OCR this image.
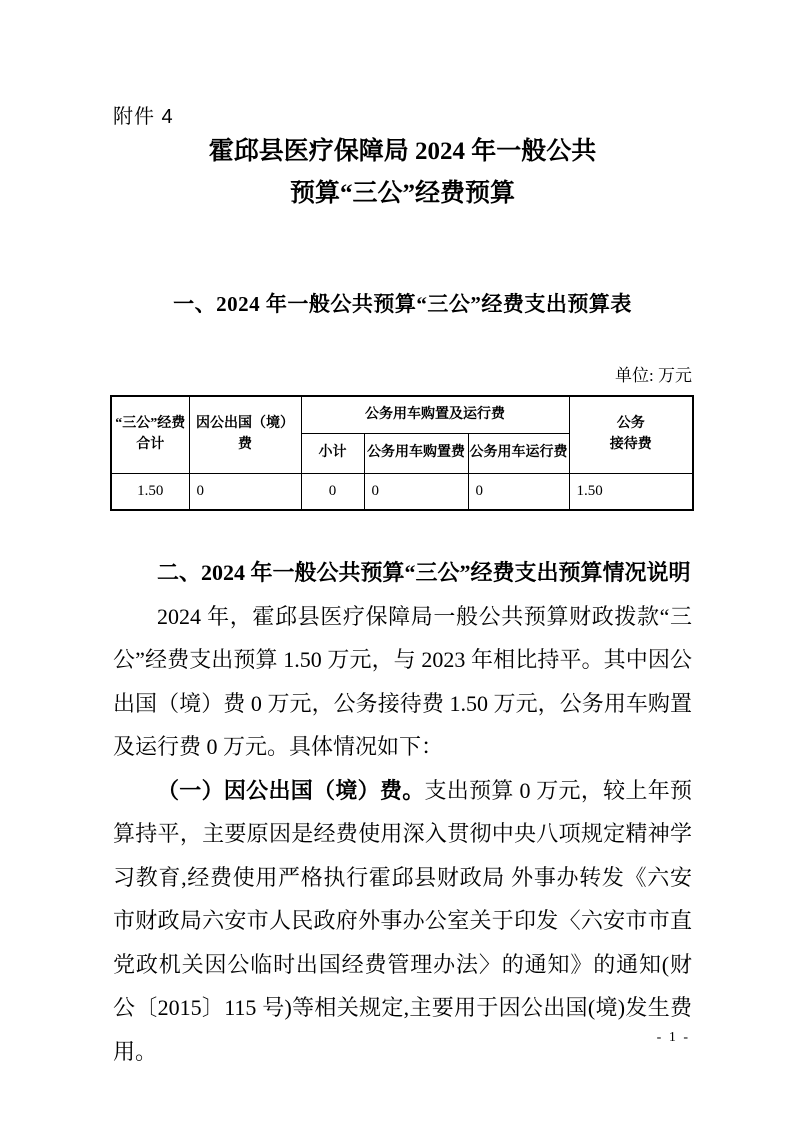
附件 4
霍邱县医疗保障局 2024 年一般公共
预算“三公”经费预算
一、2024 年一般公共预算“三公”经费支出预算表
单位: 万元
“三公”经费
合计	因公出国（境）费	公务用车购置及运行费			公务
接待费
		小计	公务用车购置费	公务用车运行费	
1.50	0	0	0	0	1.50

二、2024 年一般公共预算“三公”经费支出预算情况说明

2024 年，霍邱县医疗保障局一般公共预算财政拨款“三公”经费支出预算 1.50 万元，与 2023 年相比持平。其中因公出国（境）费 0 万元，公务接待费 1.50 万元，公务用车购置及运行费 0 万元。具体情况如下：

（一）因公出国（境）费。支出预算 0 万元，较上年预算持平，主要原因是经费使用深入贯彻中央八项规定精神学习教育,经费使用严格执行霍邱县财政局 外事办转发《六安市财政局六安市人民政府外事办公室关于印发〈六安市市直党政机关因公临时出国经费管理办法〉的通知》的通知(财公〔2015〕115 号)等相关规定,主要用于因公出国(境)发生费用。

- 1 -
